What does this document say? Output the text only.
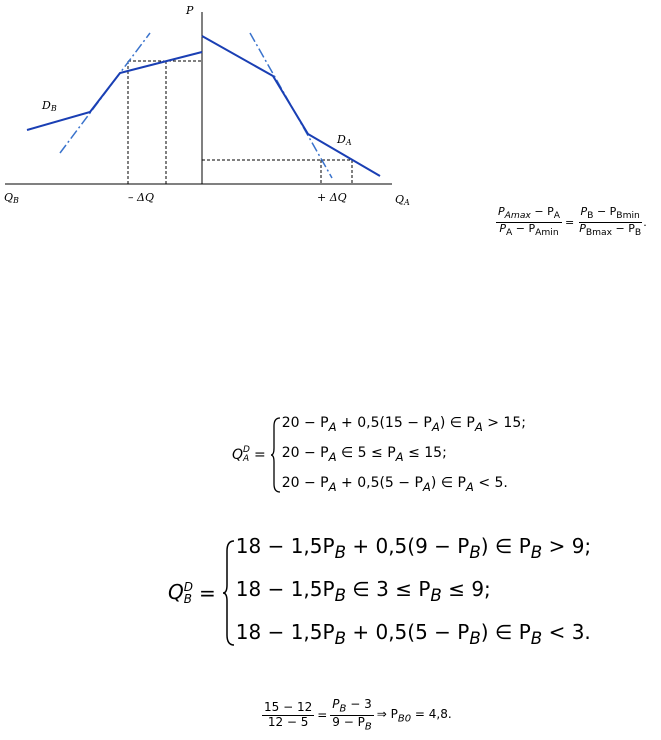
P
QB	QA
DB
DA
– ΔQ	+ ΔQ
$\frac{P_{Amax} - P_A}{P_A - P_{Amin}} = \frac{P_B - P_{Bmin}}{P_{Bmax} - P_B}$ .
Q D
A =
$20 - P_A + 0,5(15 - P_A)$ ∈ $P_A > 15$;
$20 - P_A$ ∈ $5 \le P_A \le 15$;
$20 - P_A + 0,5(5 - P_A)$ ∈ $P_A < 5$.
Q D
B =
$18 - 1,5P_B + 0,5(9 - P_B)$ ∈ $P_B > 9$;
$18 - 1,5P_B$ ∈ $3 \le P_B \le 9$;
$18 - 1,5P_B + 0,5(5 - P_B)$ ∈ $P_B < 3$.
$\frac{15 - 12}{12 - 5} = \frac{P_B - 3}{9 - P_B}$ ⇒ $P_{B0} = 4,8$.
